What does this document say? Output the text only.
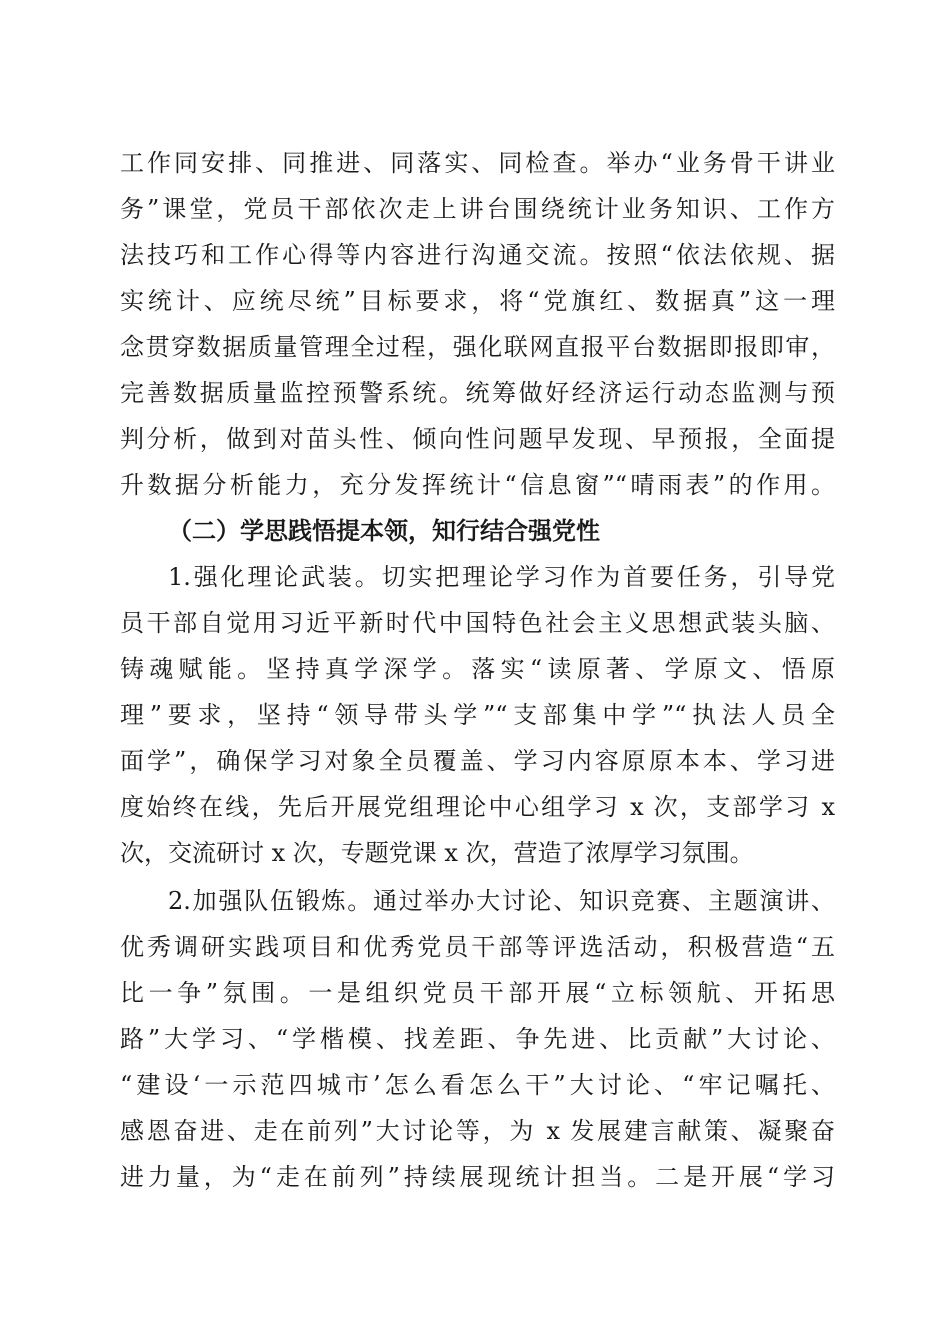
工作同安排、同推进、同落实、同检查。举办“业务骨干讲业
务”课堂，党员干部依次走上讲台围绕统计业务知识、工作方
法技巧和工作心得等内容进行沟通交流。按照“依法依规、据
实统计、应统尽统”目标要求，将“党旗红、数据真”这一理
念贯穿数据质量管理全过程，强化联网直报平台数据即报即审，
完善数据质量监控预警系统。统筹做好经济运行动态监测与预
判分析，做到对苗头性、倾向性问题早发现、早预报，全面提
升数据分析能力，充分发挥统计“信息窗”“晴雨表”的作用。
（二）学思践悟提本领，知行结合强党性
1.强化理论武装。切实把理论学习作为首要任务，引导党
员干部自觉用习近平新时代中国特色社会主义思想武装头脑、
铸魂赋能。坚持真学深学。落实“读原著、学原文、悟原
理”要求，坚持“领导带头学”“支部集中学”“执法人员全
面学”，确保学习对象全员覆盖、学习内容原原本本、学习进
度始终在线，先后开展党组理论中心组学习 x 次，支部学习 x
次，交流研讨 x 次，专题党课 x 次，营造了浓厚学习氛围。
2.加强队伍锻炼。通过举办大讨论、知识竞赛、主题演讲、
优秀调研实践项目和优秀党员干部等评选活动，积极营造“五
比一争”氛围。一是组织党员干部开展“立标领航、开拓思
路”大学习、“学楷模、找差距、争先进、比贡献”大讨论、
“建设‘一示范四城市’怎么看怎么干”大讨论、“牢记嘱托、
感恩奋进、走在前列”大讨论等，为 x 发展建言献策、凝聚奋
进力量，为“走在前列”持续展现统计担当。二是开展“学习
